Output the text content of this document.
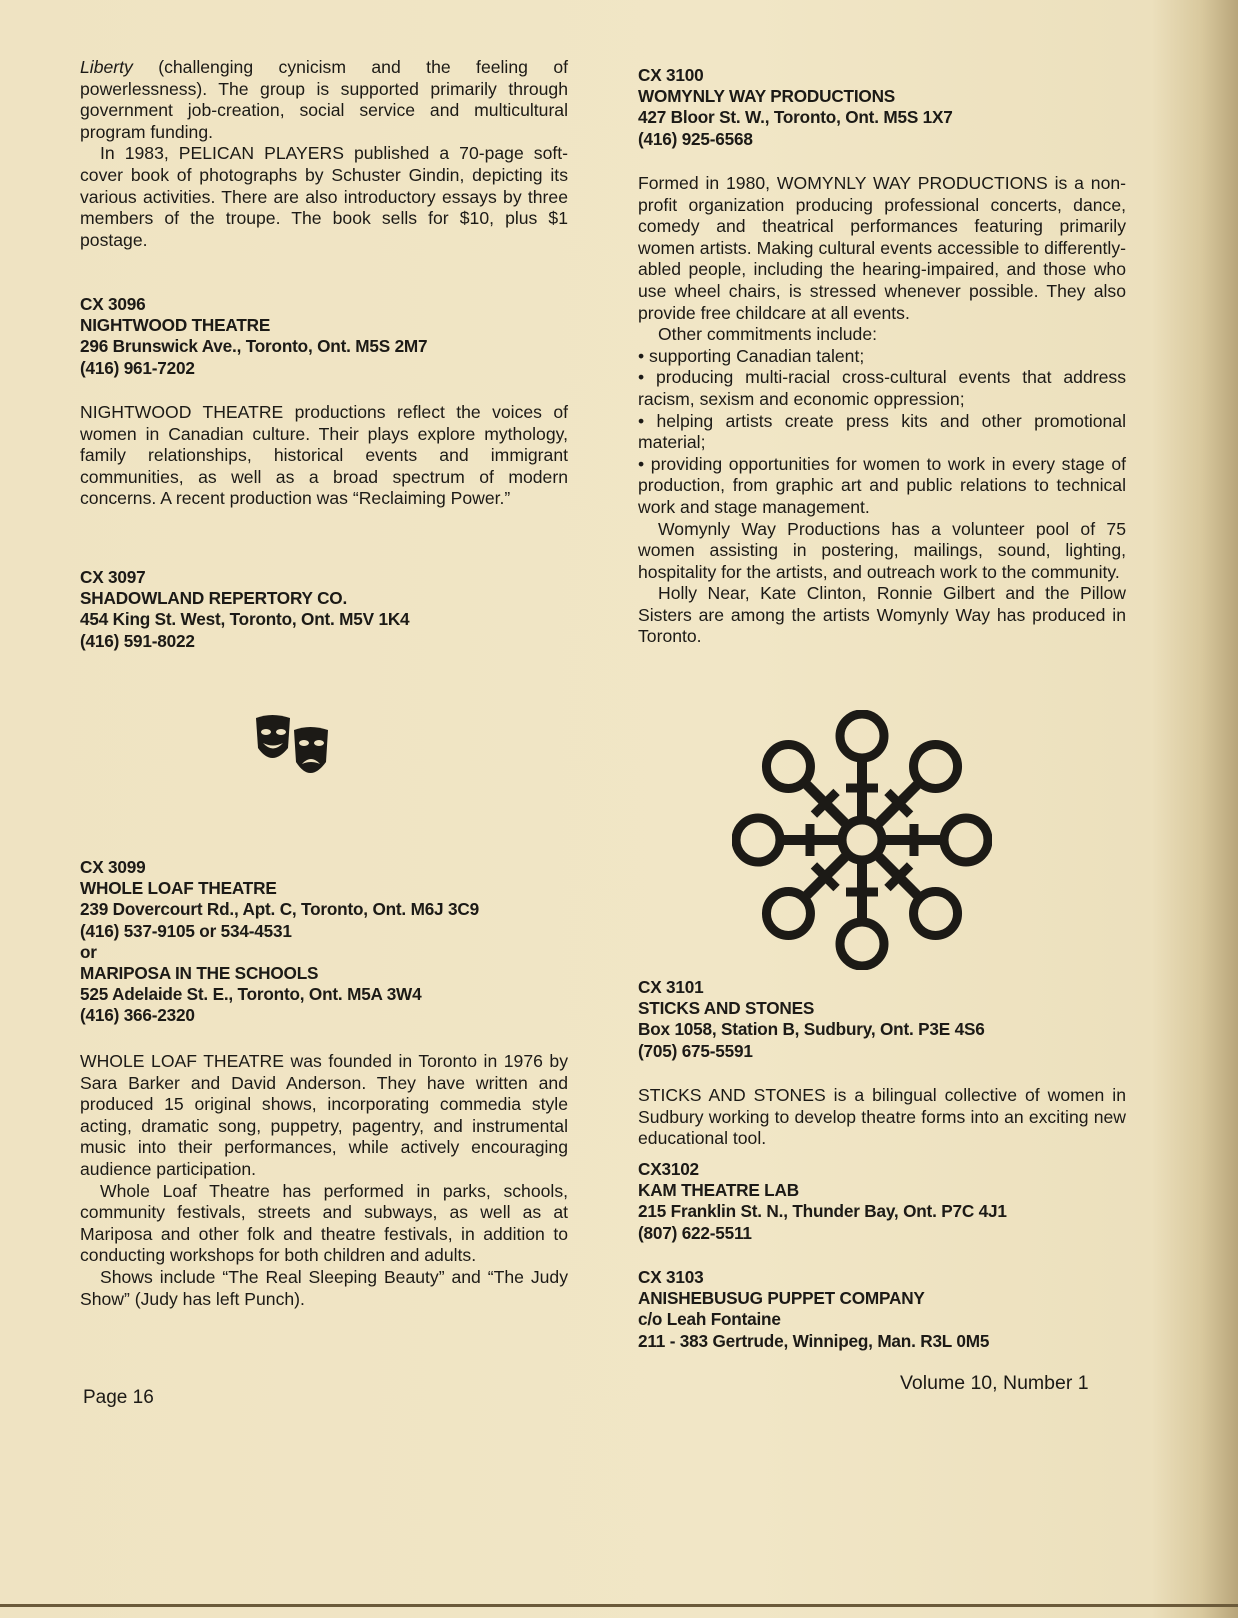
Liberty (challenging cynicism and the feeling of powerlessness). The group is supported primarily through government job-creation, social service and multicultural program funding.

In 1983, PELICAN PLAYERS published a 70-page soft-cover book of photographs by Schuster Gindin, depicting its various activities. There are also introductory essays by three members of the troupe. The book sells for $10, plus $1 postage.

CX 3096
NIGHTWOOD THEATRE
296 Brunswick Ave., Toronto, Ont. M5S 2M7
(416) 961-7202

NIGHTWOOD THEATRE productions reflect the voices of women in Canadian culture. Their plays explore mythology, family relationships, historical events and immigrant communities, as well as a broad spectrum of modern concerns. A recent production was “Reclaiming Power.”

CX 3097
SHADOWLAND REPERTORY CO.
454 King St. West, Toronto, Ont. M5V 1K4
(416) 591-8022
CX 3099
WHOLE LOAF THEATRE
239 Dovercourt Rd., Apt. C, Toronto, Ont. M6J 3C9
(416) 537-9105 or 534-4531
or
MARIPOSA IN THE SCHOOLS
525 Adelaide St. E., Toronto, Ont. M5A 3W4
(416) 366-2320

WHOLE LOAF THEATRE was founded in Toronto in 1976 by Sara Barker and David Anderson. They have written and produced 15 original shows, incorporating commedia style acting, dramatic song, puppetry, pagentry, and instrumental music into their performances, while actively encouraging audience participation.

Whole Loaf Theatre has performed in parks, schools, community festivals, streets and subways, as well as at Mariposa and other folk and theatre festivals, in addition to conducting workshops for both children and adults.

Shows include “The Real Sleeping Beauty” and “The Judy Show” (Judy has left Punch).

Page 16
CX 3100
WOMYNLY WAY PRODUCTIONS
427 Bloor St. W., Toronto, Ont. M5S 1X7
(416) 925-6568

Formed in 1980, WOMYNLY WAY PRODUCTIONS is a non-profit organization producing professional concerts, dance, comedy and theatrical performances featuring primarily women artists. Making cultural events accessible to differently-abled people, including the hearing-impaired, and those who use wheel chairs, is stressed whenever possible. They also provide free childcare at all events.

Other commitments include:

• supporting Canadian talent;

• producing multi-racial cross-cultural events that address racism, sexism and economic oppression;

• helping artists create press kits and other promotional material;

• providing opportunities for women to work in every stage of production, from graphic art and public relations to technical work and stage management.

Womynly Way Productions has a volunteer pool of 75 women assisting in postering, mailings, sound, lighting, hospitality for the artists, and outreach work to the community.

Holly Near, Kate Clinton, Ronnie Gilbert and the Pillow Sisters are among the artists Womynly Way has produced in Toronto.

CX 3101
STICKS AND STONES
Box 1058, Station B, Sudbury, Ont. P3E 4S6
(705) 675-5591

STICKS AND STONES is a bilingual collective of women in Sudbury working to develop theatre forms into an exciting new educational tool.

CX3102
KAM THEATRE LAB
215 Franklin St. N., Thunder Bay, Ont. P7C 4J1
(807) 622-5511
CX 3103
ANISHEBUSUG PUPPET COMPANY
c/o Leah Fontaine
211 - 383 Gertrude, Winnipeg, Man. R3L 0M5
Volume 10, Number 1
